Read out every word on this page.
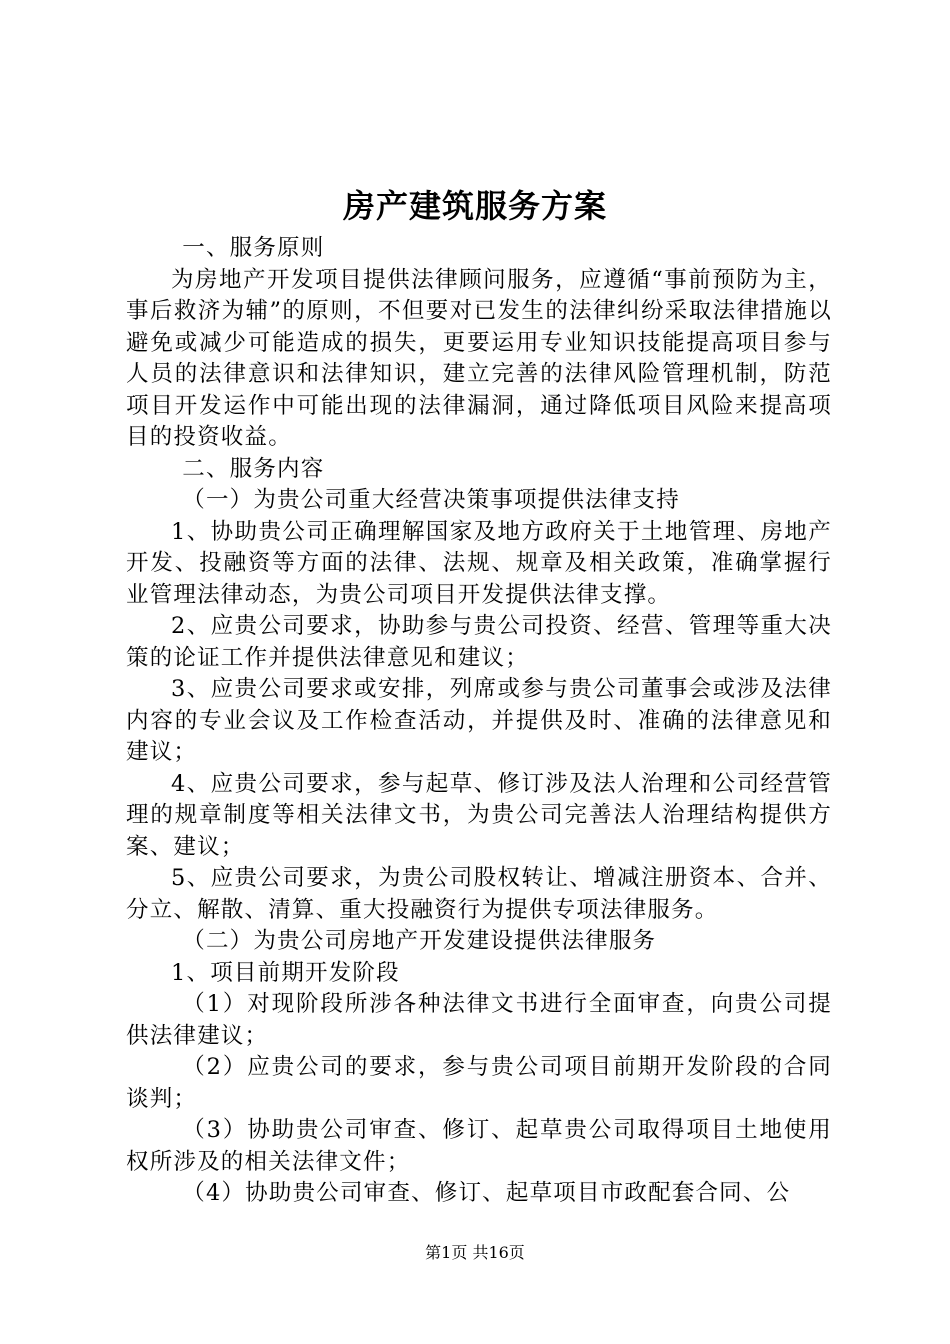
房产建筑服务方案

一、服务原则

为房地产开发项目提供法律顾问服务，应遵循“事前预防为主，事后救济为辅”的原则，不但要对已发生的法律纠纷采取法律措施以避免或减少可能造成的损失，更要运用专业知识技能提高项目参与人员的法律意识和法律知识，建立完善的法律风险管理机制，防范项目开发运作中可能出现的法律漏洞，通过降低项目风险来提高项目的投资收益。

二、服务内容

（一）为贵公司重大经营决策事项提供法律支持

1、协助贵公司正确理解国家及地方政府关于土地管理、房地产开发、投融资等方面的法律、法规、规章及相关政策，准确掌握行业管理法律动态，为贵公司项目开发提供法律支撑。

2、应贵公司要求，协助参与贵公司投资、经营、管理等重大决策的论证工作并提供法律意见和建议；

3、应贵公司要求或安排，列席或参与贵公司董事会或涉及法律内容的专业会议及工作检查活动，并提供及时、准确的法律意见和建议；

4、应贵公司要求，参与起草、修订涉及法人治理和公司经营管理的规章制度等相关法律文书，为贵公司完善法人治理结构提供方案、建议；

5、应贵公司要求，为贵公司股权转让、增减注册资本、合并、分立、解散、清算、重大投融资行为提供专项法律服务。

（二）为贵公司房地产开发建设提供法律服务

1、项目前期开发阶段

（1）对现阶段所涉各种法律文书进行全面审查，向贵公司提供法律建议；

（2）应贵公司的要求，参与贵公司项目前期开发阶段的合同谈判；

（3）协助贵公司审查、修订、起草贵公司取得项目土地使用权所涉及的相关法律文件；

（4）协助贵公司审查、修订、起草项目市政配套合同、公

第1页 共16页
